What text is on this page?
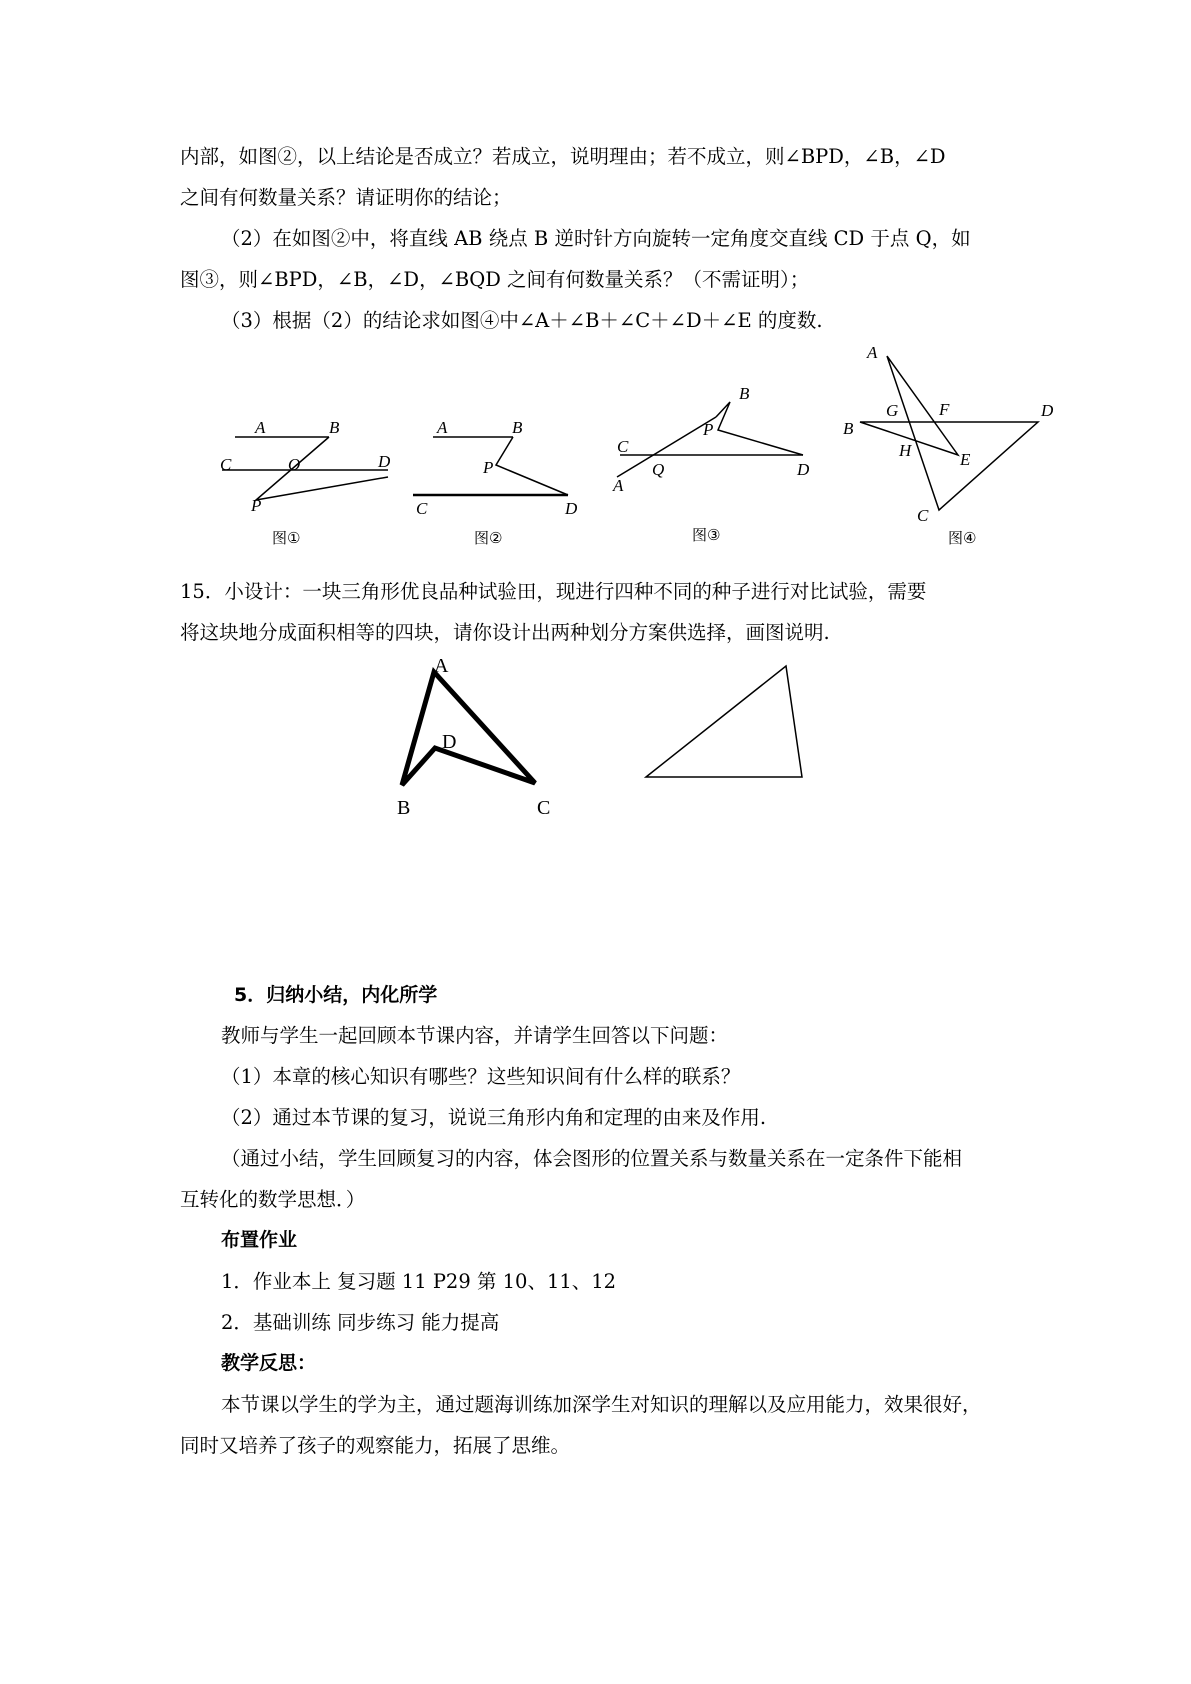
内部，如图②，以上结论是否成立？若成立，说明理由；若不成立，则∠BPD，∠B，∠D
之间有何数量关系？请证明你的结论；
（2）在如图②中，将直线 AB 绕点 B 逆时针方向旋转一定角度交直线 CD 于点 Q，如
图③，则∠BPD，∠B，∠D，∠BQD 之间有何数量关系？（不需证明）；
（3）根据（2）的结论求如图④中∠A＋∠B＋∠C＋∠D＋∠E 的度数.
A	B
C	O	D
P
图①
A	B
P
C	D
图②
B
P
C
Q	D
A
图③
A
G F	D
B
H	E
C
图④
A
D
B	C
15．小设计：一块三角形优良品种试验田，现进行四种不同的种子进行对比试验，需要
将这块地分成面积相等的四块，请你设计出两种划分方案供选择，画图说明.
5．归纳小结，内化所学
教师与学生一起回顾本节课内容，并请学生回答以下问题：
（1）本章的核心知识有哪些？这些知识间有什么样的联系？
（2）通过本节课的复习，说说三角形内角和定理的由来及作用.
（通过小结，学生回顾复习的内容，体会图形的位置关系与数量关系在一定条件下能相
互转化的数学思想．）
布置作业
1．作业本上 复习题 11 P29 第 10、11、12
2．基础训练 同步练习 能力提高
教学反思：
本节课以学生的学为主，通过题海训练加深学生对知识的理解以及应用能力，效果很好，
同时又培养了孩子的观察能力，拓展了思维。
